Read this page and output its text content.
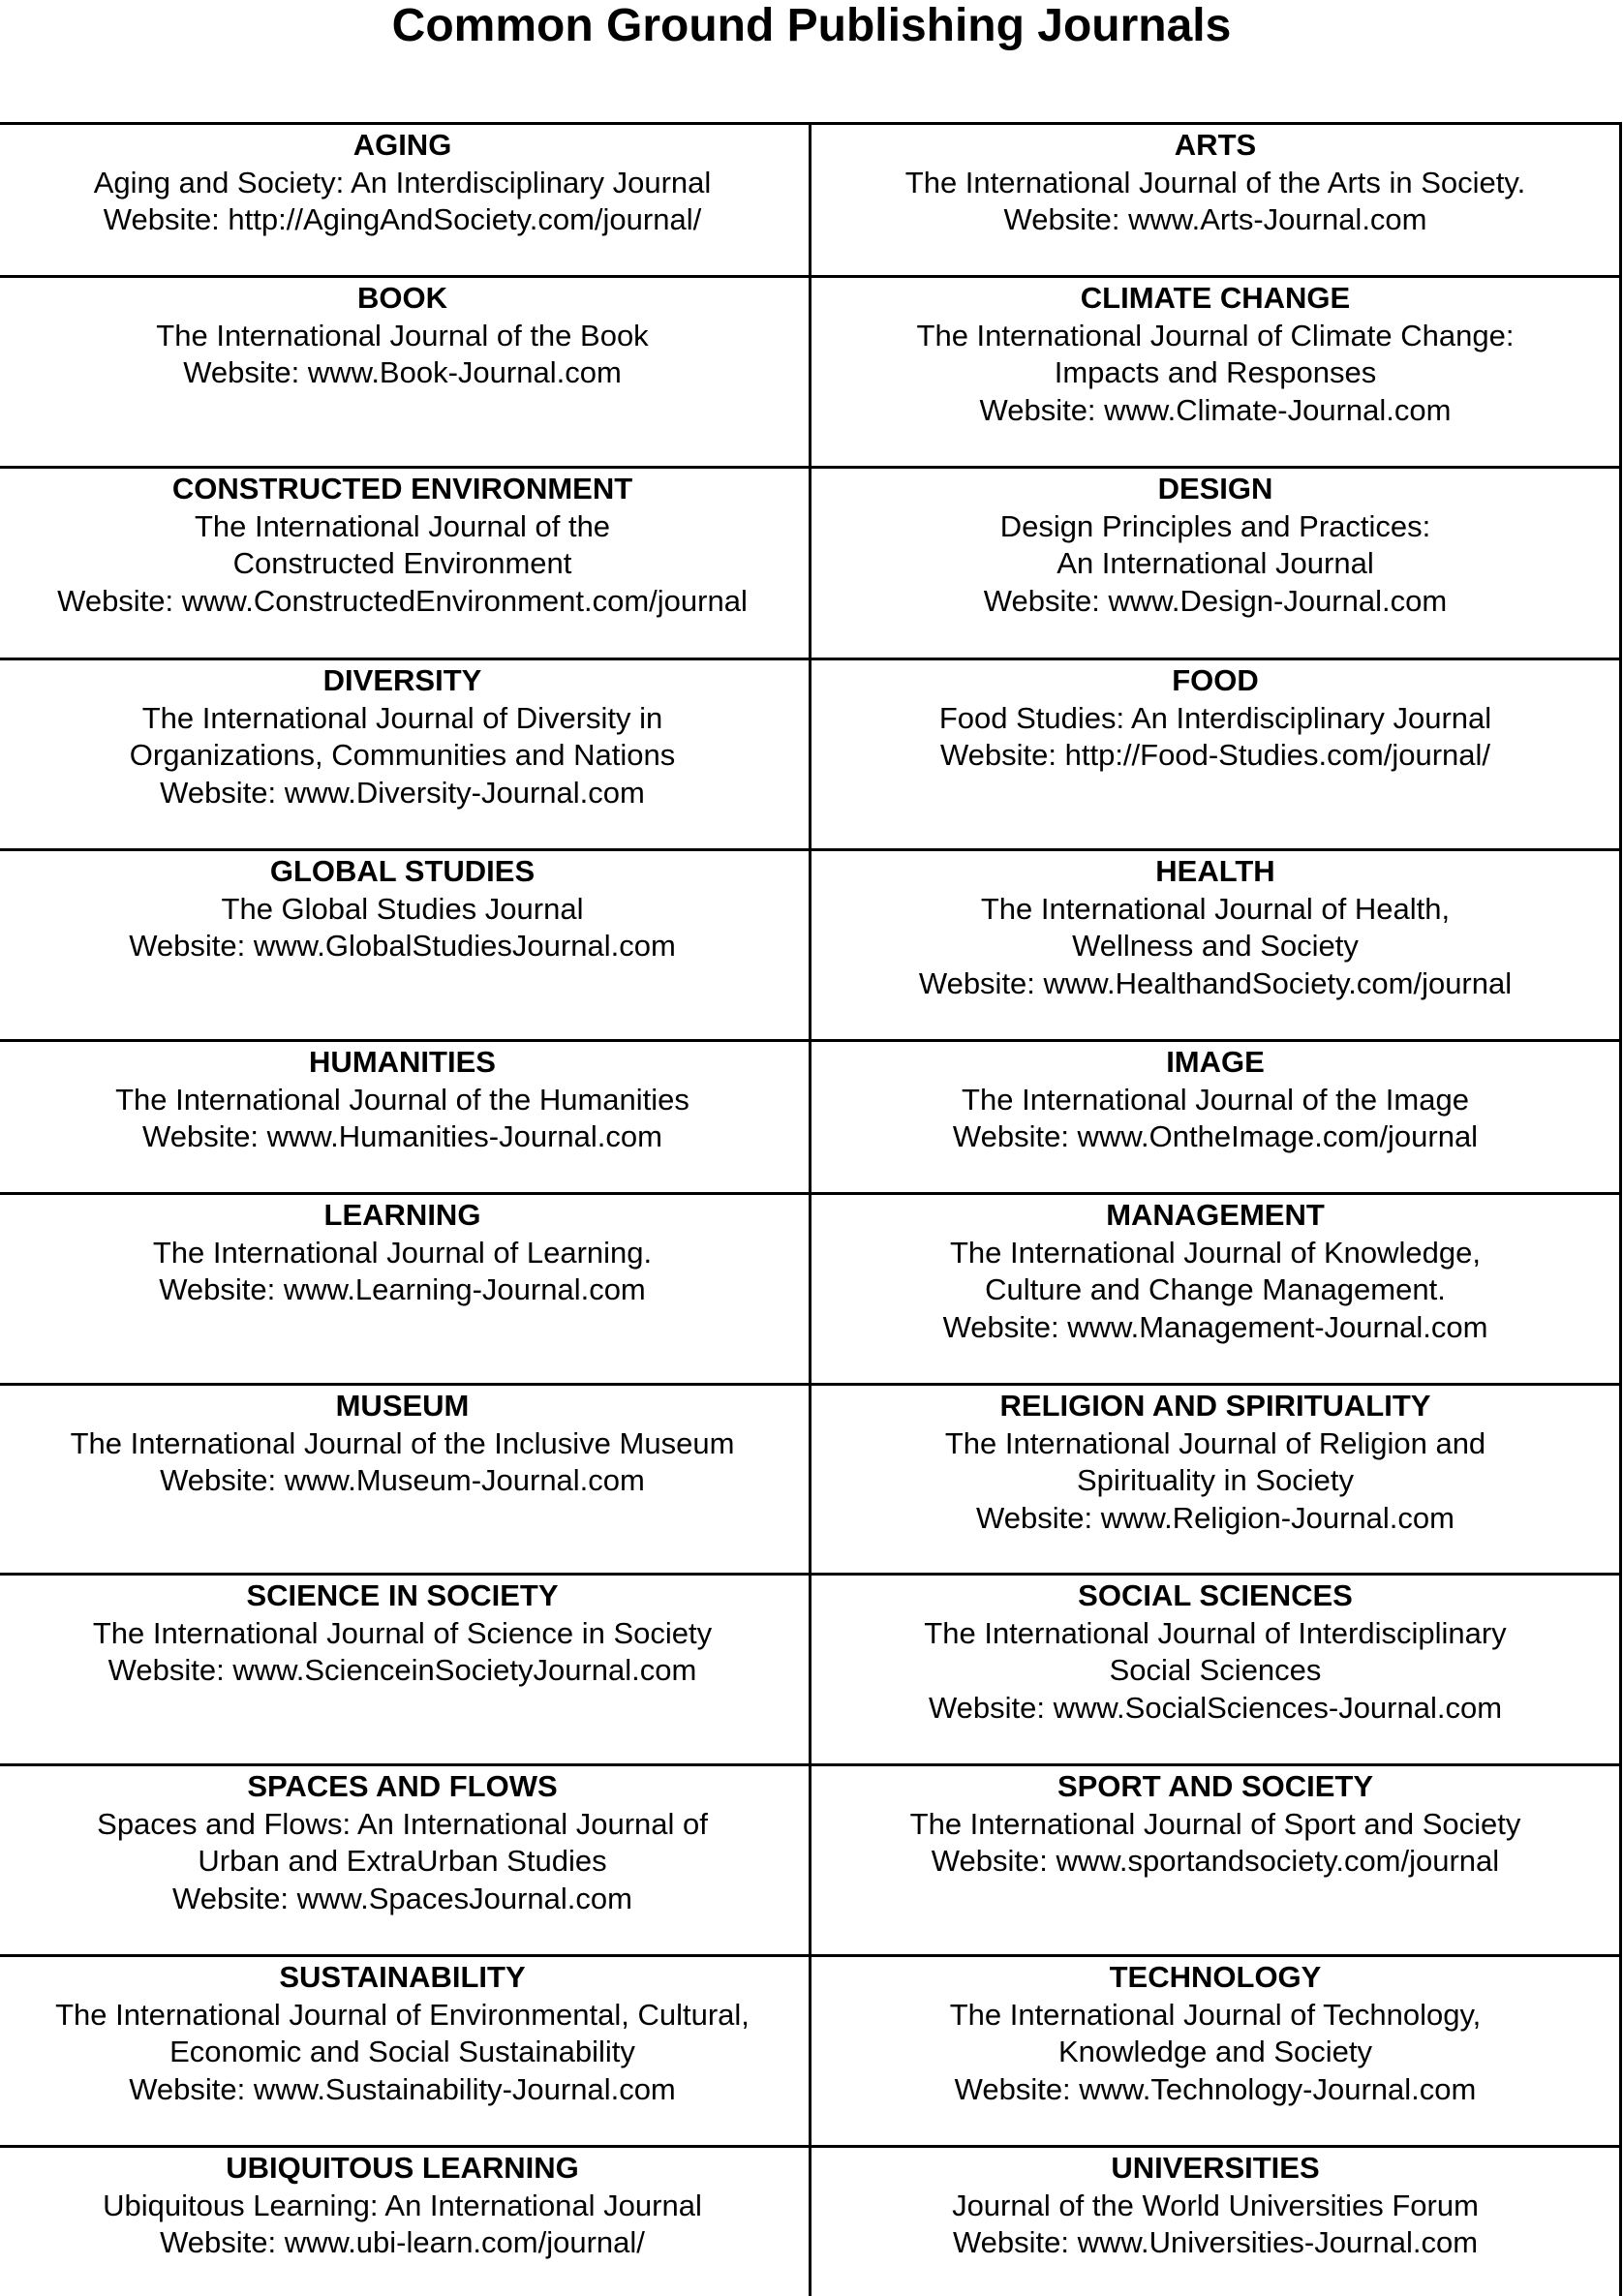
Common Ground Publishing Journals
AGING
Aging and Society: An Interdisciplinary Journal
Website: http://AgingAndSociety.com/journal/
ARTS
The International Journal of the Arts in Society.
Website: www.Arts-Journal.com
BOOK
The International Journal of the Book
Website: www.Book-Journal.com
CLIMATE CHANGE
The International Journal of Climate Change:
Impacts and Responses
Website: www.Climate-Journal.com
CONSTRUCTED ENVIRONMENT
The International Journal of the
Constructed Environment
Website: www.ConstructedEnvironment.com/journal
DESIGN
Design Principles and Practices:
An International Journal
Website: www.Design-Journal.com
DIVERSITY
The International Journal of Diversity in
Organizations, Communities and Nations
Website: www.Diversity-Journal.com
FOOD
Food Studies: An Interdisciplinary Journal
Website: http://Food-Studies.com/journal/
GLOBAL STUDIES
The Global Studies Journal
Website: www.GlobalStudiesJournal.com
HEALTH
The International Journal of Health,
Wellness and Society
Website: www.HealthandSociety.com/journal
HUMANITIES
The International Journal of the Humanities
Website: www.Humanities-Journal.com
IMAGE
The International Journal of the Image
Website: www.OntheImage.com/journal
LEARNING
The International Journal of Learning.
Website: www.Learning-Journal.com
MANAGEMENT
The International Journal of Knowledge,
Culture and Change Management.
Website: www.Management-Journal.com
MUSEUM
The International Journal of the Inclusive Museum
Website: www.Museum-Journal.com
RELIGION AND SPIRITUALITY
The International Journal of Religion and
Spirituality in Society
Website: www.Religion-Journal.com
SCIENCE IN SOCIETY
The International Journal of Science in Society
Website: www.ScienceinSocietyJournal.com
SOCIAL SCIENCES
The International Journal of Interdisciplinary
Social Sciences
Website: www.SocialSciences-Journal.com
SPACES AND FLOWS
Spaces and Flows: An International Journal of
Urban and ExtraUrban Studies
Website: www.SpacesJournal.com
SPORT AND SOCIETY
The International Journal of Sport and Society
Website: www.sportandsociety.com/journal
SUSTAINABILITY
The International Journal of Environmental, Cultural,
Economic and Social Sustainability
Website: www.Sustainability-Journal.com
TECHNOLOGY
The International Journal of Technology,
Knowledge and Society
Website: www.Technology-Journal.com
UBIQUITOUS LEARNING
Ubiquitous Learning: An International Journal
Website: www.ubi-learn.com/journal/
UNIVERSITIES
Journal of the World Universities Forum
Website: www.Universities-Journal.com
